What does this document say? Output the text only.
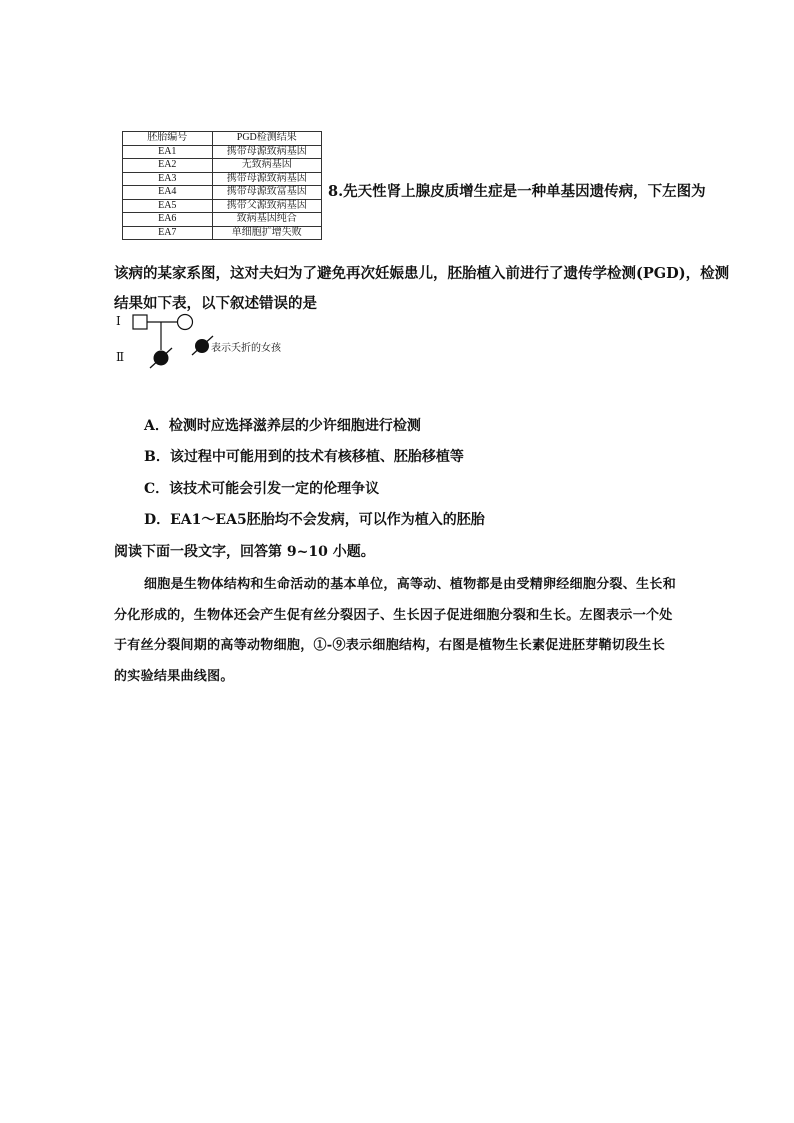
胚胎编号	PGD检测结果
EA1	携带母源致病基因
EA2	无致病基因
EA3	携带母源致病基因
EA4	携带母源致富基因
EA5	携带父源致病基因
EA6	致病基因纯合
EA7	单细胞扩增失败
8.先天性肾上腺皮质增生症是一种单基因遗传病，下左图为
该病的某家系图，这对夫妇为了避免再次妊娠患儿，胚胎植入前进行了遗传学检测(PGD)，检测
结果如下表，以下叙述错误的是
I
Ⅱ
表示夭折的女孩
A．检测时应选择滋养层的少许细胞进行检测
B．该过程中可能用到的技术有核移植、胚胎移植等
C．该技术可能会引发一定的伦理争议
D．EA1～EA5胚胎均不会发病，可以作为植入的胚胎
阅读下面一段文字，回答第 9~10 小题。
细胞是生物体结构和生命活动的基本单位，高等动、植物都是由受精卵经细胞分裂、生长和
分化形成的，生物体还会产生促有丝分裂因子、生长因子促进细胞分裂和生长。左图表示一个处
于有丝分裂间期的高等动物细胞，①-⑨表示细胞结构，右图是植物生长素促进胚芽鞘切段生长
的实验结果曲线图。
